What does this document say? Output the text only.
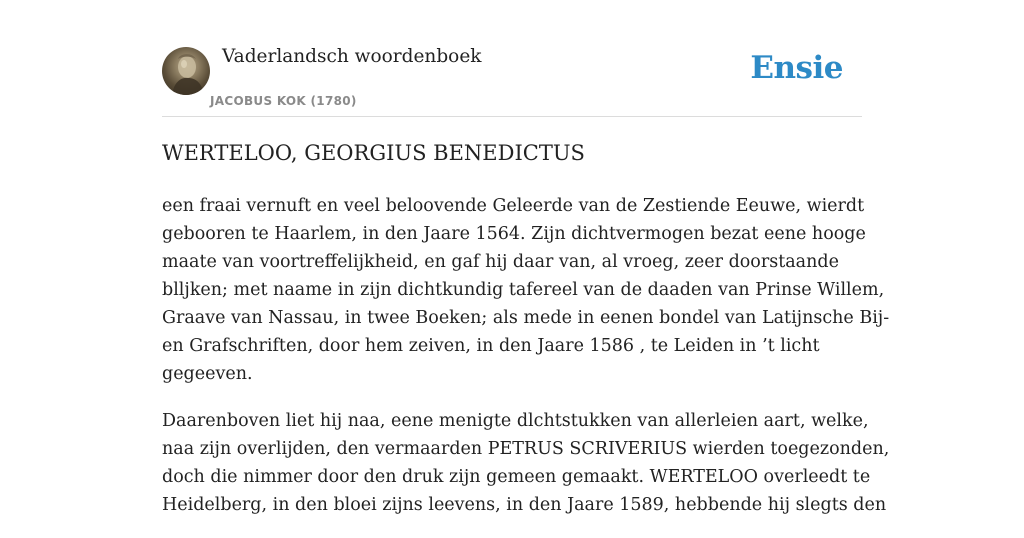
Vaderlandsch woordenboek
JACOBUS KOK (1780)
Ensie
WERTELOO, GEORGIUS BENEDICTUS

een fraai vernuft en veel beloovende Geleerde van de Zestiende Eeuwe, wierdt
gebooren te Haarlem, in den Jaare 1564. Zijn dichtvermogen bezat eene hooge
maate van voortreffelijkheid, en gaf hij daar van, al vroeg, zeer doorstaande
blljken; met naame in zijn dichtkundig tafereel van de daaden van Prinse Willem,
Graave van Nassau, in twee Boeken; als mede in eenen bondel van Latijnsche Bij-
en Grafschriften, door hem zeiven, in den Jaare 1586 , te Leiden in ’t licht
gegeeven.

Daarenboven liet hij naa, eene menigte dlchtstukken van allerleien aart, welke,
naa zijn overlijden, den vermaarden PETRUS SCRIVERIUS wierden toegezonden,
doch die nimmer door den druk zijn gemeen gemaakt. WERTELOO overleedt te
Heidelberg, in den bloei zijns leevens, in den Jaare 1589, hebbende hij slegts den
